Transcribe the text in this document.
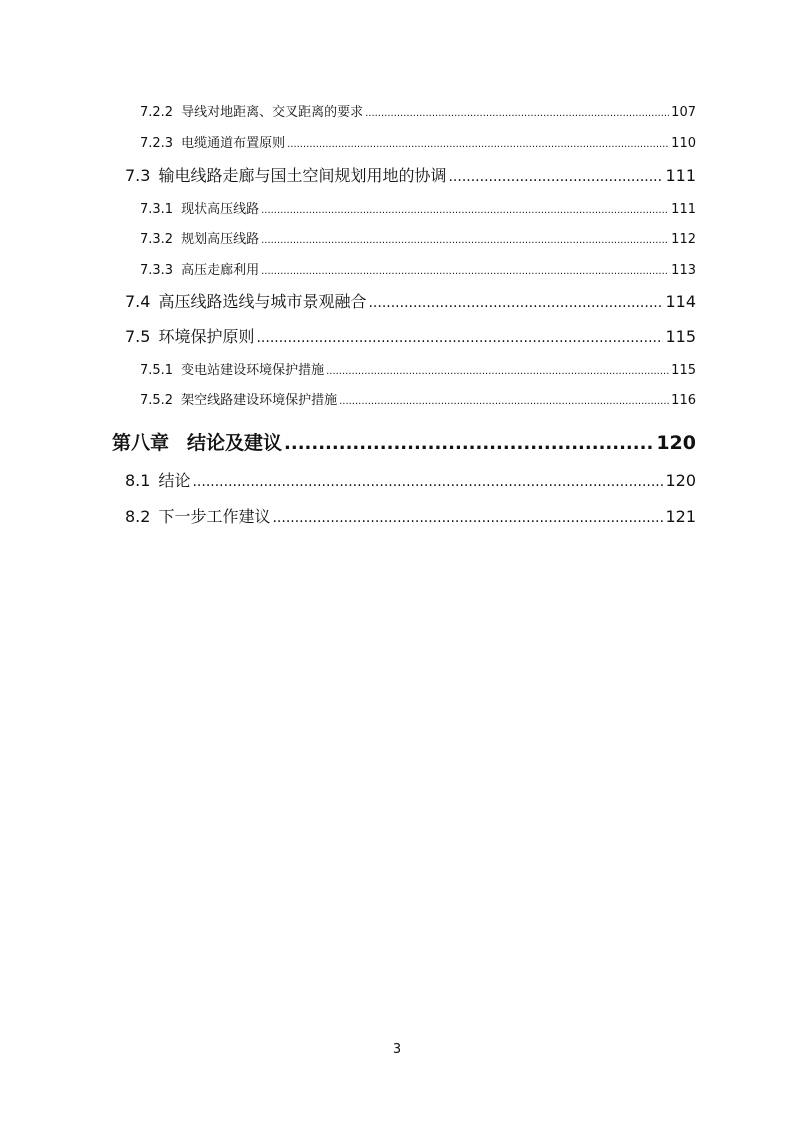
7.2.2 导线对地距离、交叉距离的要求 .....	107
7.2.3 电缆通道布置原则 .....	110
7.3 输电线路走廊与国土空间规划用地的协调 .....	111
7.3.1 现状高压线路 .....	111
7.3.2 规划高压线路 .....	112
7.3.3 高压走廊利用 .....	113
7.4 高压线路选线与城市景观融合 .....	114
7.5 环境保护原则 .....	115
7.5.1 变电站建设环境保护措施 .....	115
7.5.2 架空线路建设环境保护措施 .....	116
第八章 结论及建议 .....	120
8.1 结论 .....	120
8.2 下一步工作建议 .....	121
3
